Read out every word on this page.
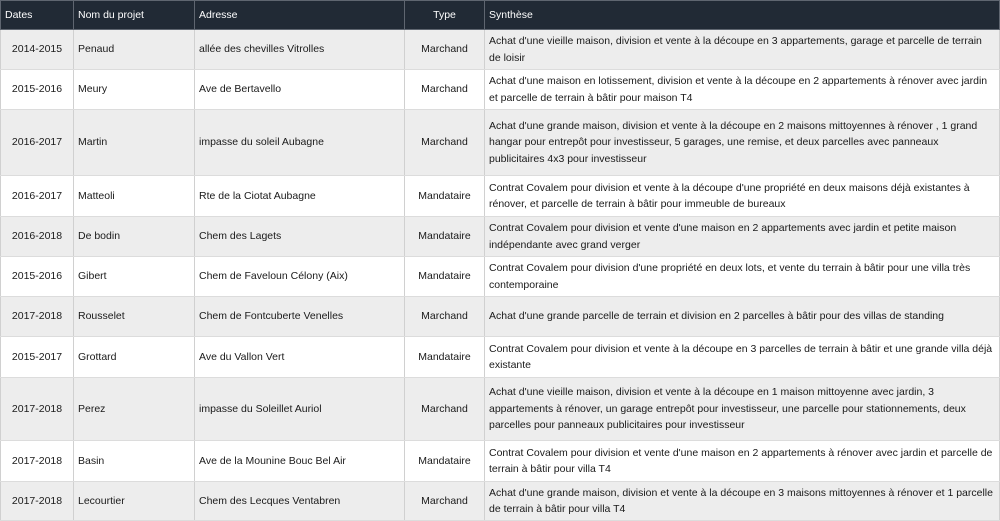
Dates	Nom du projet	Adresse	Type	Synthèse
2014-2015	Penaud	allée des chevilles Vitrolles	Marchand	Achat d'une vieille maison, division et vente à la découpe en 3 appartements, garage et parcelle de terrain de loisir
2015-2016	Meury	Ave de Bertavello	Marchand	Achat d'une maison en lotissement, division et vente à la découpe en 2 appartements à rénover avec jardin et parcelle de terrain à bâtir pour maison T4
2016-2017	Martin	impasse du soleil Aubagne	Marchand	Achat d'une grande maison, division et vente à la découpe en 2 maisons mittoyennes à rénover , 1 grand hangar pour entrepôt pour investisseur, 5 garages, une remise, et deux parcelles avec panneaux publicitaires 4x3 pour investisseur
2016-2017	Matteoli	Rte de la Ciotat Aubagne	Mandataire	Contrat Covalem pour division et vente à la découpe d'une propriété en deux maisons déjà existantes à rénover, et parcelle de terrain à bâtir pour immeuble de bureaux
2016-2018	De bodin	Chem des Lagets	Mandataire	Contrat Covalem pour division et vente d'une maison en 2 appartements avec jardin et petite maison indépendante avec grand verger
2015-2016	Gibert	Chem de Faveloun Célony (Aix)	Mandataire	Contrat Covalem pour division d'une propriété en deux lots, et vente du terrain à bâtir pour une villa très contemporaine
2017-2018	Rousselet	Chem de Fontcuberte Venelles	Marchand	Achat d'une grande parcelle de terrain et division en 2 parcelles à bâtir pour des villas de standing
2015-2017	Grottard	Ave du Vallon Vert	Mandataire	Contrat Covalem pour division et vente à la découpe en 3 parcelles de terrain à bâtir et une grande villa déjà existante
2017-2018	Perez	impasse du Soleillet Auriol	Marchand	Achat d'une vieille maison, division et vente à la découpe en 1 maison mittoyenne avec jardin, 3 appartements à rénover, un garage entrepôt pour investisseur, une parcelle pour stationnements, deux parcelles pour panneaux publicitaires pour investisseur
2017-2018	Basin	Ave de la Mounine Bouc Bel Air	Mandataire	Contrat Covalem pour division et vente d'une maison en 2 appartements à rénover avec jardin et parcelle de terrain à bâtir pour villa T4
2017-2018	Lecourtier	Chem des Lecques Ventabren	Marchand	Achat d'une grande maison, division et vente à la découpe en 3 maisons mittoyennes à rénover et 1 parcelle de terrain à bâtir pour villa T4
